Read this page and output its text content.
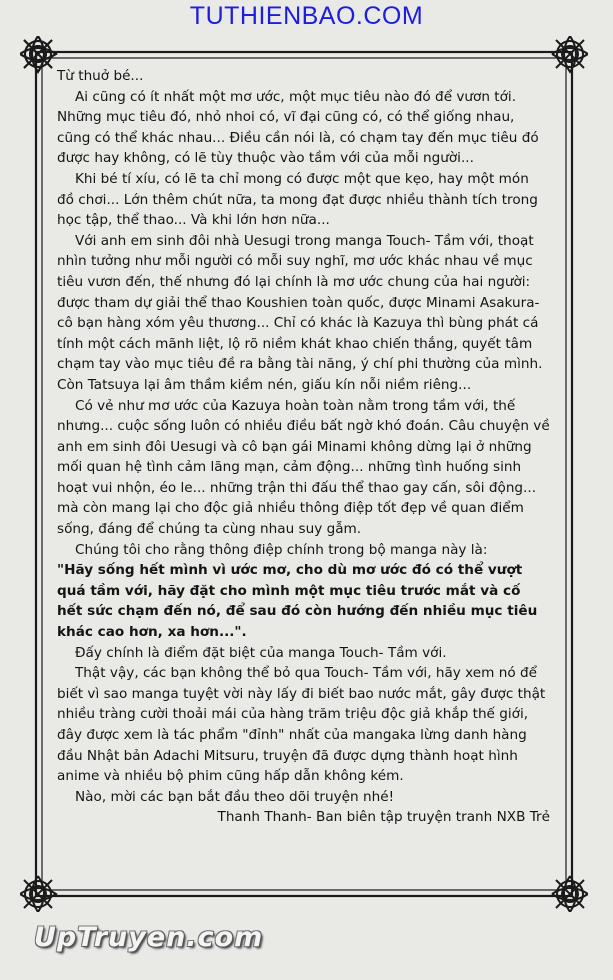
TUTHIENBAO.COM

Từ thuở bé...

Ai cũng có ít nhất một mơ ước, một mục tiêu nào đó để vươn tới. Những mục tiêu đó, nhỏ nhoi có, vĩ đại cũng có, có thể giống nhau, cũng có thể khác nhau... Điều cần nói là, có chạm tay đến mục tiêu đó được hay không, có lẽ tùy thuộc vào tầm với của mỗi người...

Khi bé tí xíu, có lẽ ta chỉ mong có được một que kẹo, hay một món đồ chơi... Lớn thêm chút nữa, ta mong đạt được nhiều thành tích trong học tập, thể thao... Và khi lớn hơn nữa...

Với anh em sinh đôi nhà Uesugi trong manga Touch- Tầm với, thoạt nhìn tưởng như mỗi người có mỗi suy nghĩ, mơ ước khác nhau về mục tiêu vươn đến, thế nhưng đó lại chính là mơ ước chung của hai người: được tham dự giải thể thao Koushien toàn quốc, được Minami Asakura- cô bạn hàng xóm yêu thương... Chỉ có khác là Kazuya thì bùng phát cá tính một cách mãnh liệt, lộ rõ niềm khát khao chiến thắng, quyết tâm chạm tay vào mục tiêu đề ra bằng tài năng, ý chí phi thường của mình. Còn Tatsuya lại âm thầm kiềm nén, giấu kín nỗi niềm riêng...

Có vẻ như mơ ước của Kazuya hoàn toàn nằm trong tầm với, thế nhưng... cuộc sống luôn có nhiều điều bất ngờ khó đoán. Câu chuyện về anh em sinh đôi Uesugi và cô bạn gái Minami không dừng lại ở những mối quan hệ tình cảm lãng mạn, cảm động... những tình huống sinh hoạt vui nhộn, éo le... những trận thi đấu thể thao gay cấn, sôi động... mà còn mang lại cho độc giả nhiều thông điệp tốt đẹp về quan điểm sống, đáng để chúng ta cùng nhau suy gẫm.

Chúng tôi cho rằng thông điệp chính trong bộ manga này là:

"Hãy sống hết mình vì ước mơ, cho dù mơ ước đó có thể vượt quá tầm với, hãy đặt cho mình một mục tiêu trước mắt và cố hết sức chạm đến nó, để sau đó còn hướng đến nhiều mục tiêu khác cao hơn, xa hơn...".

Đấy chính là điểm đặt biệt của manga Touch- Tầm với.

Thật vậy, các bạn không thể bỏ qua Touch- Tầm với, hãy xem nó để biết vì sao manga tuyệt vời này lấy đi biết bao nước mắt, gây được thật nhiều tràng cười thoải mái của hàng trăm triệu độc giả khắp thế giới, đây được xem là tác phẩm "đỉnh" nhất của mangaka lừng danh hàng đầu Nhật bản Adachi Mitsuru, truyện đã được dựng thành hoạt hình anime và nhiều bộ phim cũng hấp dẫn không kém.

Nào, mời các bạn bắt đầu theo dõi truyện nhé!

Thanh Thanh- Ban biên tập truyện tranh NXB Trẻ

UpTruyen.com
